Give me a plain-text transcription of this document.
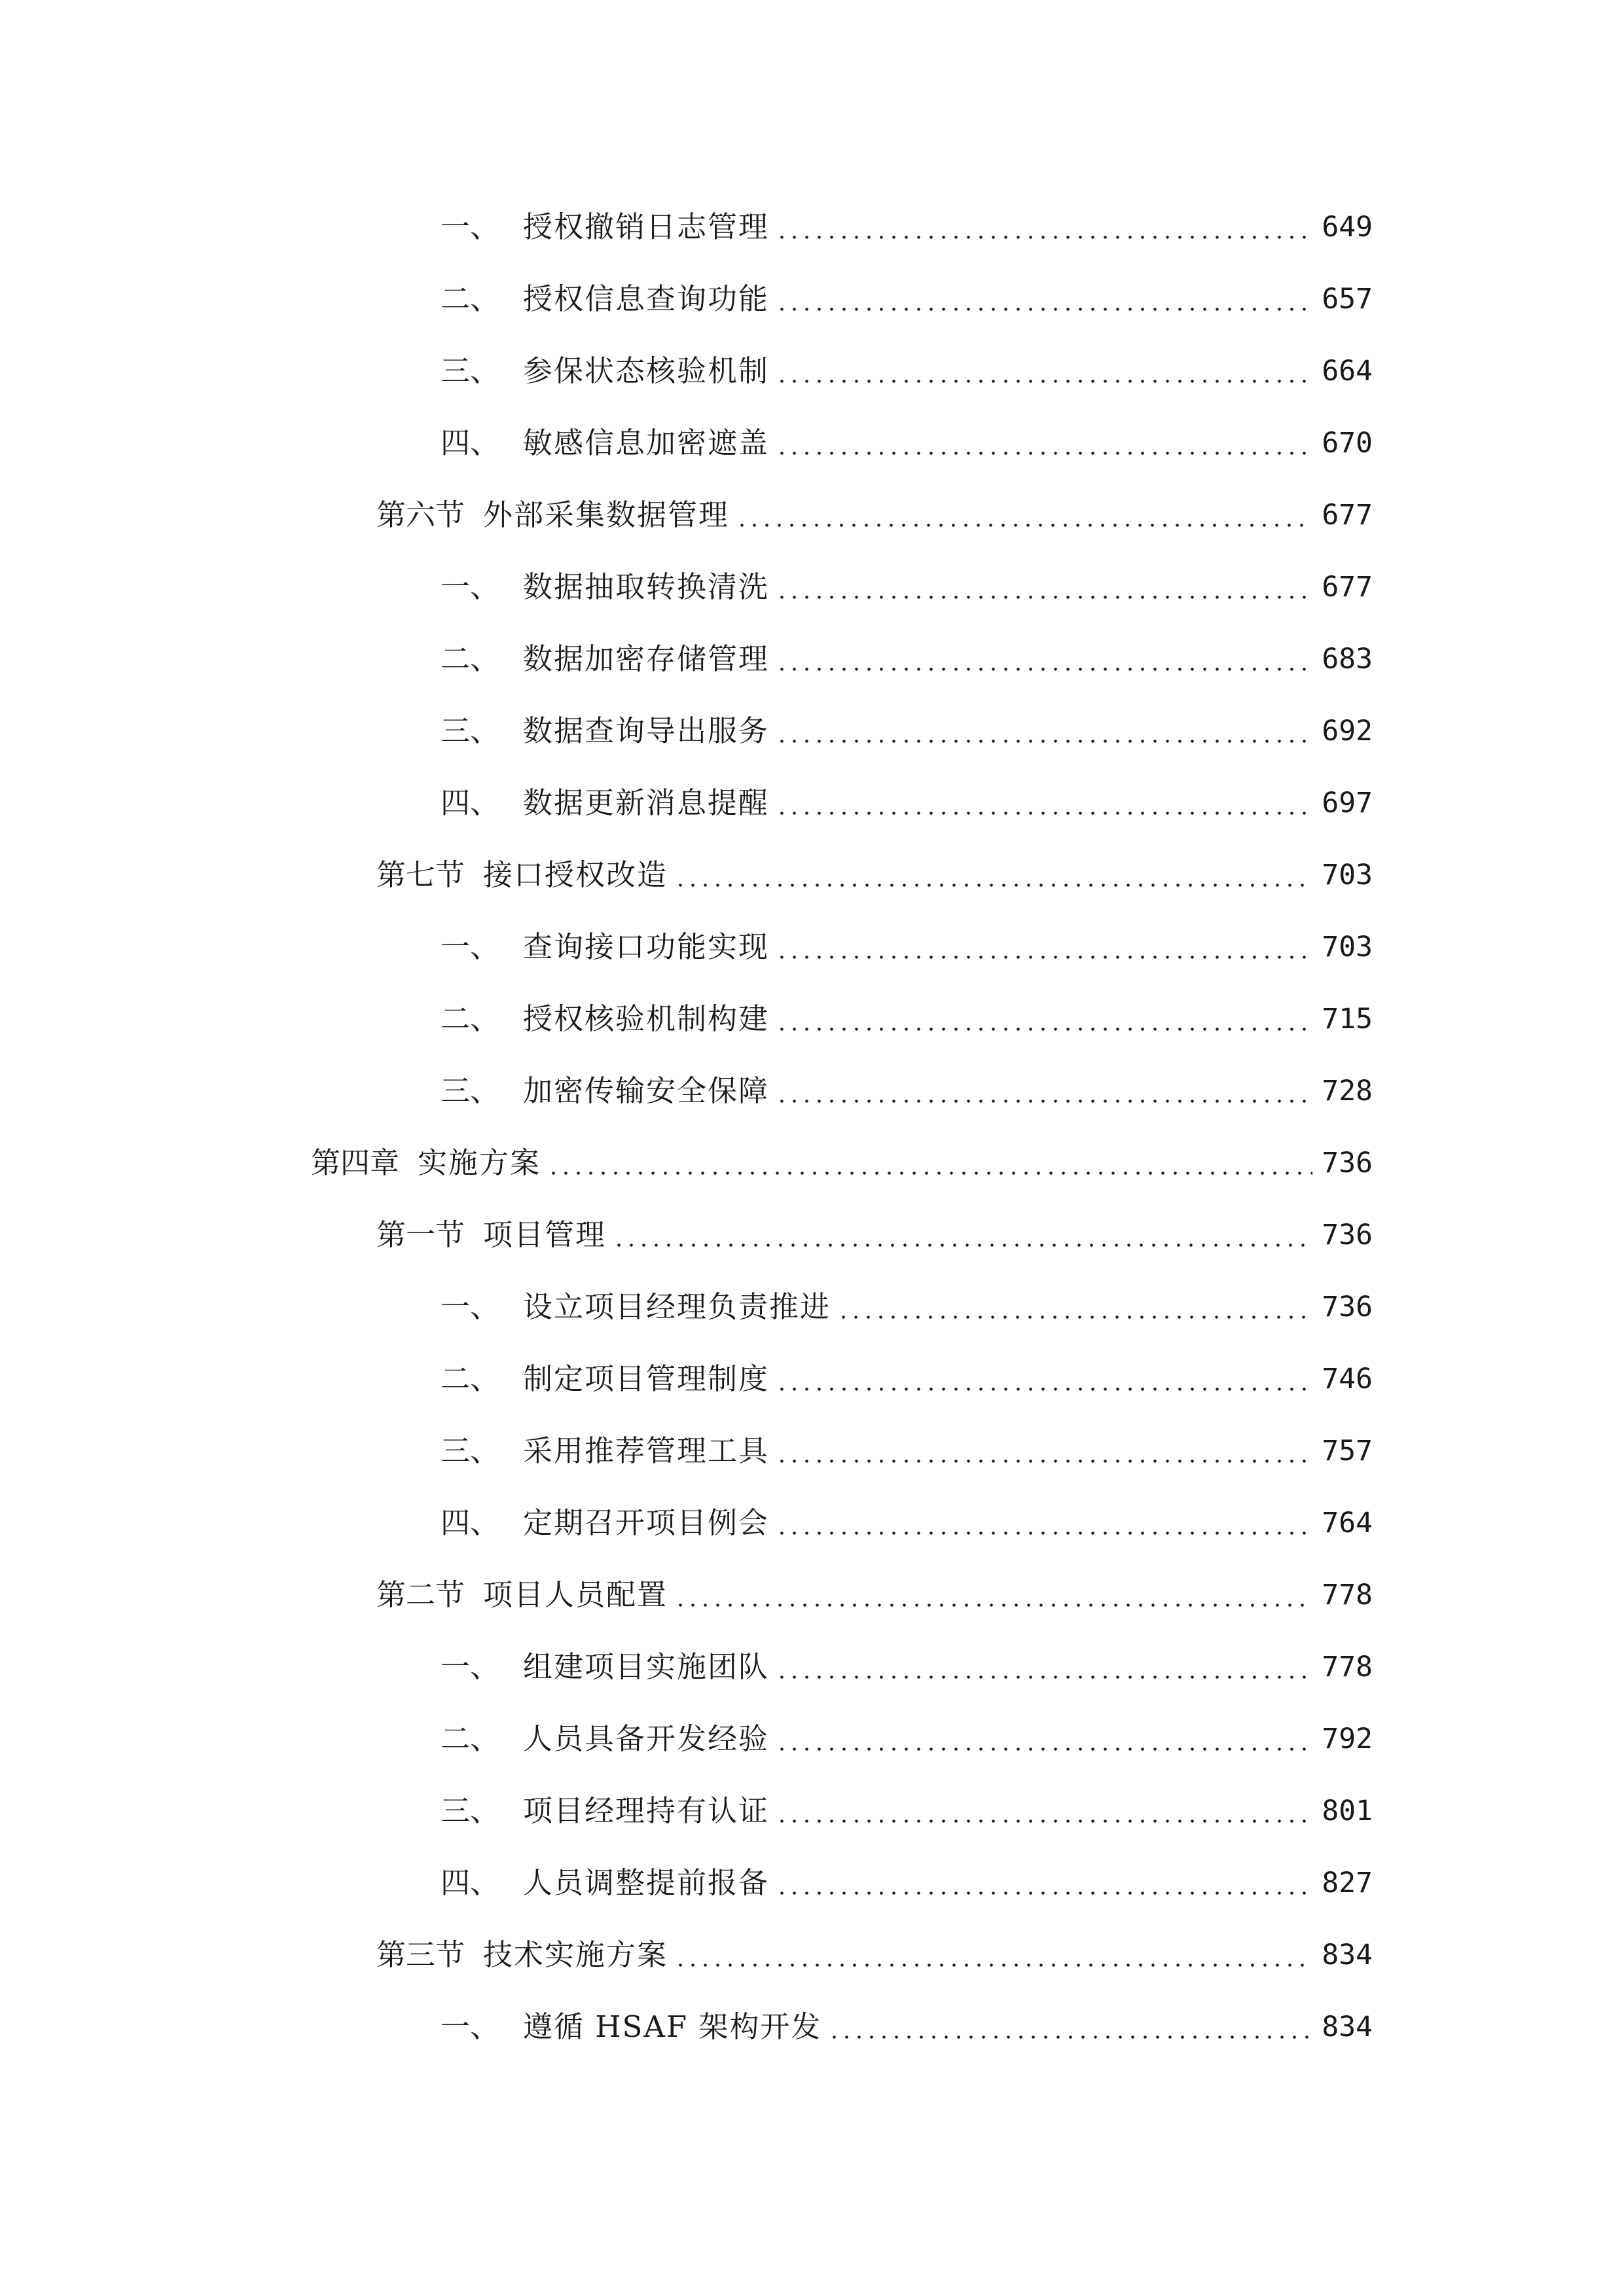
一、 授权撤销日志管理	649
二、 授权信息查询功能	657
三、 参保状态核验机制	664
四、 敏感信息加密遮盖	670
第六节 外部采集数据管理	677
一、 数据抽取转换清洗	677
二、 数据加密存储管理	683
三、 数据查询导出服务	692
四、 数据更新消息提醒	697
第七节 接口授权改造	703
一、 查询接口功能实现	703
二、 授权核验机制构建	715
三、 加密传输安全保障	728
第四章 实施方案	736
第一节 项目管理	736
一、 设立项目经理负责推进	736
二、 制定项目管理制度	746
三、 采用推荐管理工具	757
四、 定期召开项目例会	764
第二节 项目人员配置	778
一、 组建项目实施团队	778
二、 人员具备开发经验	792
三、 项目经理持有认证	801
四、 人员调整提前报备	827
第三节 技术实施方案	834
一、 遵循 HSAF 架构开发	834
